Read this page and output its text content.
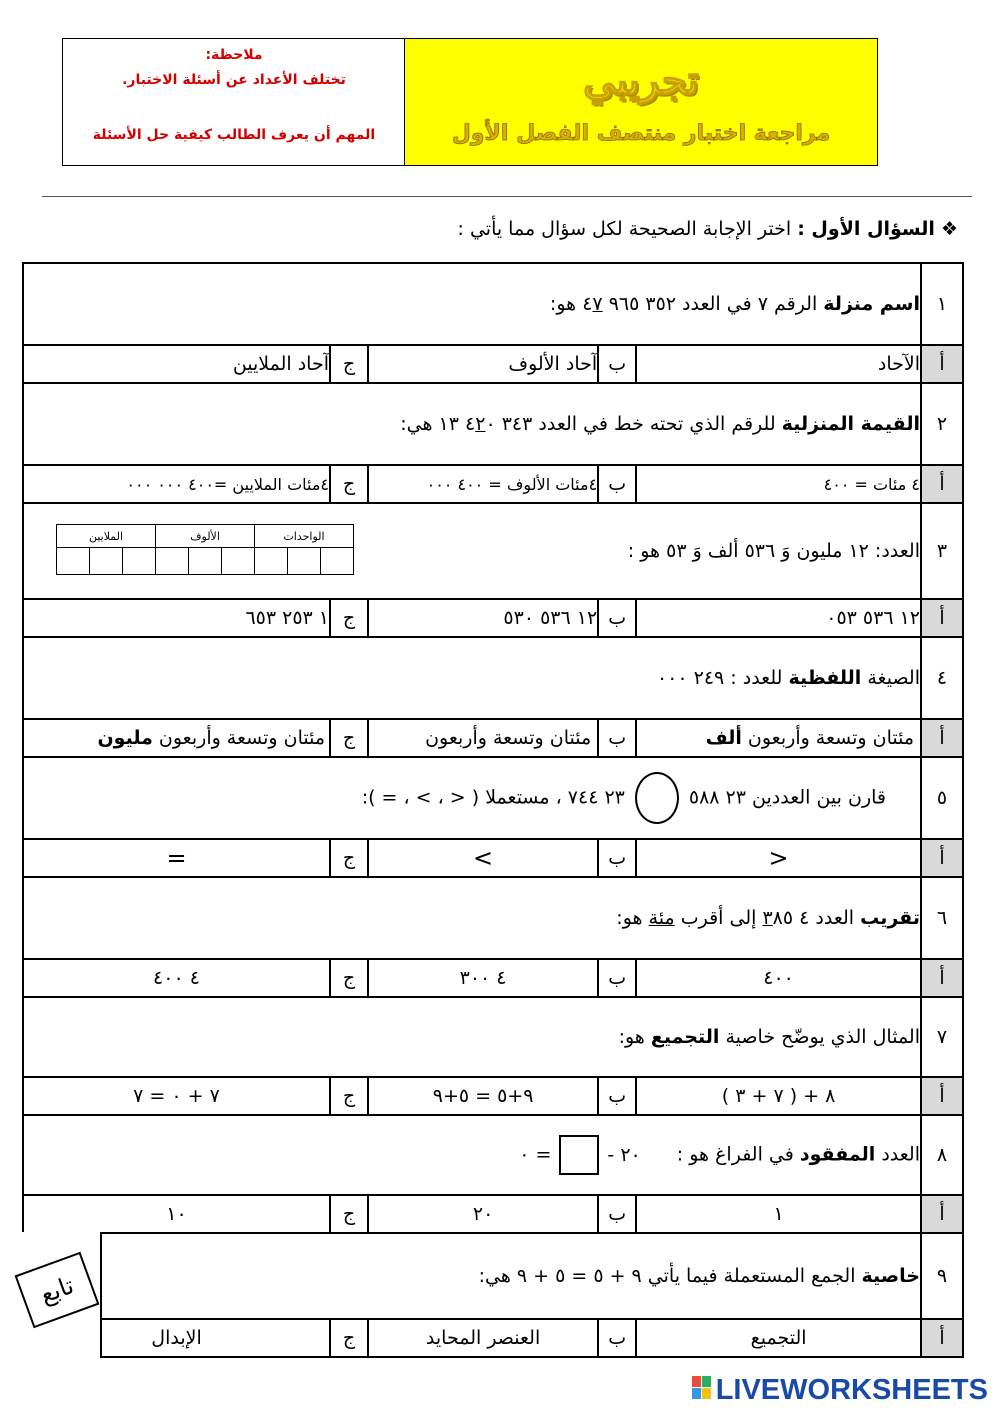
ملاحظة:
تختلف الأعداد عن أسئلة الاختبار.
المهم أن يعرف الطالب كيفية حل الأسئلة
تجريبي
مراجعة اختبار منتصف الفصل الأول
❖ السؤال الأول : اختر الإجابة الصحيحة لكل سؤال مما يأتي :
١	اسم منزلة الرقم ٧ في العدد ٣٥٢ ٩٦٥ ٤٧ هو:				
أ	الآحاد	ب	آحاد الألوف	ج	آحاد الملايين
٢	القيمة المنزلية للرقم الذي تحته خط في العدد ٣٤٣ ٤٢٠ ١٣ هي:				
أ	٤ مئات = ٤٠٠	ب	٤مئات الألوف = ٤٠٠ ٠٠٠	ج	٤مئات الملايين =٤٠٠ ٠٠٠ ٠٠٠
٣	العدد: ١٢ مليون وَ ٥٣٦ ألف وَ ٥٣ هو :				
أ	١٢ ٥٣٦ ٠٥٣	ب	١٢ ٥٣٦ ٥٣٠	ج	١ ٢٥٣ ٦٥٣
٤	الصيغة اللفظية للعدد : ٢٤٩ ٠٠٠				
أ	مئتان وتسعة وأربعون ألف	ب	مئتان وتسعة وأربعون	ج	مئتان وتسعة وأربعون مليون
٥	قارن بين العددين ٢٣ ٥٨٨٢٣ ٧٤٤ ، مستعملا ( < ، > ، = ):				
أ	<	ب	>	ج	=
٦	تقريب العدد ٤ ٣٨٥ إلى أقرب مئة هو:				
أ	٤٠٠	ب	٤ ٣٠٠	ج	٤ ٤٠٠
٧	المثال الذي يوضّح خاصية التجميع هو:				
أ	٨ + ( ٧ + ٣ )	ب	٩+٥ = ٥+٩	ج	٧ + ٠ = ٧
٨	العدد المفقود في الفراغ هو : ٢٠ -= ٠				
أ	١	ب	٢٠	ج	١٠
٩	خاصية الجمع المستعملة فيما يأتي ٩ + ٥ = ٥ + ٩ هي:				
أ	التجميع	ب	العنصر المحايد	ج	الإبدال
الملايين			الألوف			الواحدات		

تابع
LIVEWORKSHEETS
